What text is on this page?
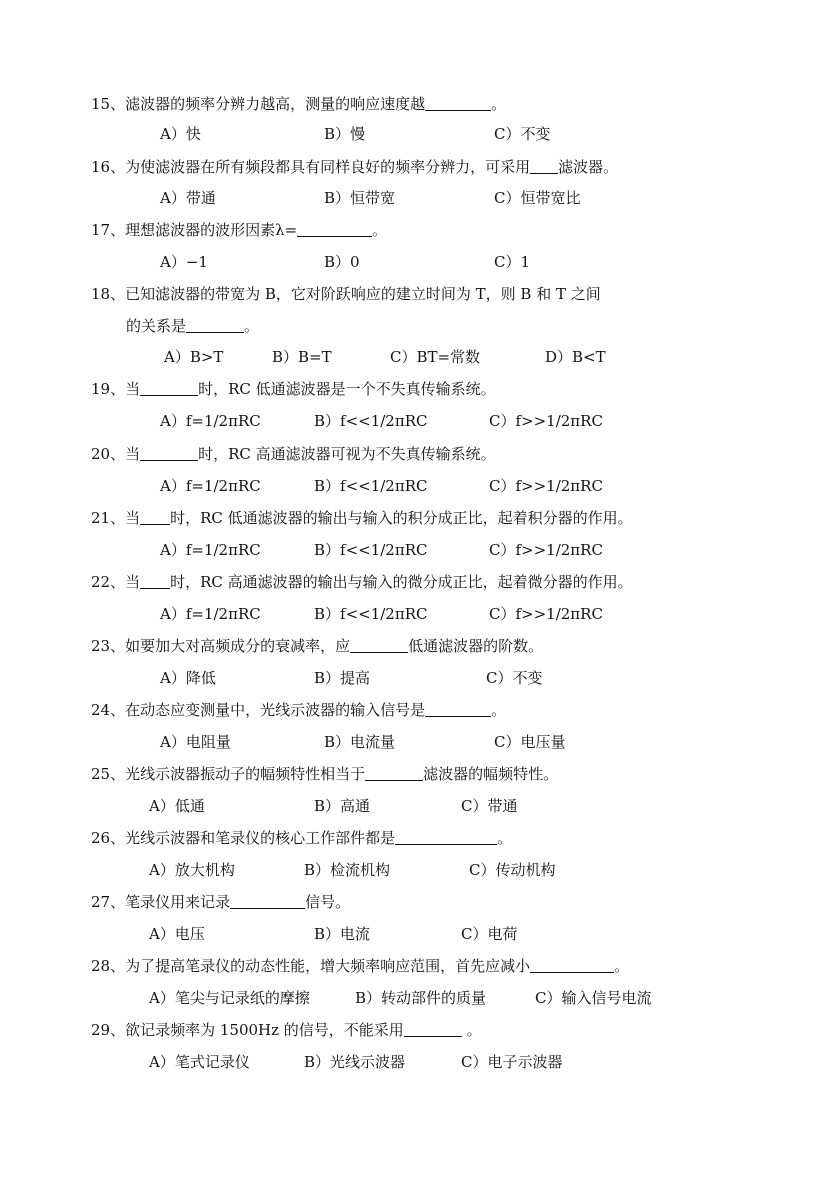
15、滤波器的频率分辨力越高，测量的响应速度越	。
A）快	B）慢	C）不变
16、为使滤波器在所有频段都具有同样良好的频率分辨力，可采用 滤波器。
A）带通	B）恒带宽	C）恒带宽比
17、理想滤波器的波形因素λ=	。
A）−1	B）0	C）1
18、已知滤波器的带宽为 B，它对阶跃响应的建立时间为 T，则 B 和 T 之间
的关系是	。
A）B>T	B）B=T	C）BT=常数	D）B<T
19、当	时，RC 低通滤波器是一个不失真传输系统。
A）f=1/2πRC	B）f<<1/2πRC	C）f>>1/2πRC
20、当	时，RC 高通滤波器可视为不失真传输系统。
A）f=1/2πRC	B）f<<1/2πRC	C）f>>1/2πRC
21、当 时，RC 低通滤波器的输出与输入的积分成正比，起着积分器的作用。
A）f=1/2πRC	B）f<<1/2πRC	C）f>>1/2πRC
22、当 时，RC 高通滤波器的输出与输入的微分成正比，起着微分器的作用。
A）f=1/2πRC	B）f<<1/2πRC	C）f>>1/2πRC
23、如要加大对高频成分的衰减率，应	低通滤波器的阶数。
A）降低	B）提高	C）不变
24、在动态应变测量中，光线示波器的输入信号是	。
A）电阻量	B）电流量	C）电压量
25、光线示波器振动子的幅频特性相当于	滤波器的幅频特性。
A）低通	B）高通	C）带通
26、光线示波器和笔录仪的核心工作部件都是	。
A）放大机构	B）检流机构	C）传动机构
27、笔录仪用来记录	信号。
A）电压	B）电流	C）电荷
28、为了提高笔录仪的动态性能，增大频率响应范围，首先应减小	。
A）笔尖与记录纸的摩擦	B）转动部件的质量	C）输入信号电流
29、欲记录频率为 1500Hz 的信号，不能采用	。
A）笔式记录仪	B）光线示波器	C）电子示波器
